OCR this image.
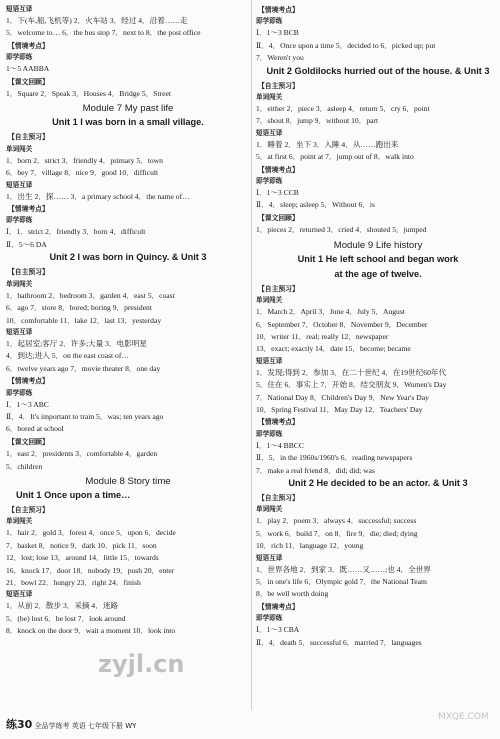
短语互译
1．下(车,船,飞机等) 2．火车站 3．经过 4．沿着……走
5．welcome to… 6．the bus stop 7．next to 8．the post office
【情境考点】
即学即练
1～5 AABBA
【课文回顾】
1．Square 2．Speak 3．Houses 4．Bridge 5．Street
Module 7 My past life
Unit 1 I was born in a small village.
【自主预习】
单词闯关
1．born 2．strict 3．friendly 4．primary 5．town
6．bey 7．village 8．nice 9．good 10．difficult
短语互译
1．出生 2．探…… 3．a primary school 4．the name of…
【情境考点】
即学即练
Ⅰ．1．strict 2．friendly 3．born 4．difficult
Ⅱ．5～6 DA
Unit 2 I was born in Quincy. & Unit 3
【自主预习】
单词闯关
1．bathroom 2．bedroom 3．garden 4．east 5．coast
6．ago 7．store 8．bored; boring 9．president
10．comfortable 11．lake 12．last 13．yesterday
短语互译
1．起居室;客厅 2．许多;大量 3．电影明星
4．到达;进入 5．on the east coast of…
6．twelve years ago 7．movie theater 8．one day
【情境考点】
即学即练
Ⅰ．1～3 ABC
Ⅱ．4．It's important to train 5．was; ten years ago
6．bored at school
【课文回顾】
1．east 2．presidents 3．comfortable 4．garden
5．children
Module 8 Story time
Unit 1 Once upon a time…
【自主预习】
单词闯关
1．hair 2．gold 3．forest 4．once 5．upon 6．decide
7．basket 8．notice 9．dark 10．pick 11．soon
12．lost; lose 13．around 14．little 15．towards
16．knock 17．door 18．nobody 19．push 20．enter
21．bowl 22．hungry 23．right 24．finish
短语互译
1．从前 2．散步 3．采摘 4．迷路
5．(be) lost 6．be lost 7．look around
8．knock on the door 9．wait a moment 10．look into
【情境考点】
即学即练
Ⅰ．1～3 BCB
Ⅱ．4．Once upon a time 5．decided to 6．picked up; put
7．Weren't you
Unit 2 Goldilocks hurried out of the house. & Unit 3
【自主预习】
单词闯关
1．either 2．piece 3．asleep 4．return 5．cry 6．point
7．shout 8．jump 9．without 10．part
短语互译
1．睡着 2．坐下 3．入睡 4．从……跑出来
5．at first 6．point at 7．jump out of 8．walk into
【情境考点】
即学即练
Ⅰ．1～3 CCB
Ⅱ．4．sleep; asleep 5．Without 6．is
【课文回顾】
1．pieces 2．returned 3．cried 4．shouted 5．jumped
Module 9 Life history
Unit 1 He left school and began work
at the age of twelve.
【自主预习】
单词闯关
1．March 2．April 3．June 4．July 5．August
6．September 7．October 8．November 9．December
10．writer 11．real; really 12．newspaper
13．exact; exactly 14．date 15．become; became
短语互译
1．发现;得到 2．参加 3．在二十世纪 4．在19世纪60年代
5．住在 6．事实上 7．开始 8．结交朋友 9．Women's Day
7．National Day 8．Children's Day 9．New Year's Day
10．Spring Festival 11．May Day 12．Teachers' Day
【情境考点】
即学即练
Ⅰ．1～4 BBCC
Ⅱ．5．in the 1960s/1960's 6．reading newspapers
7．make a real friend 8．did; did; was
Unit 2 He decided to be an actor. & Unit 3
【自主预习】
单词闯关
1．play 2．poem 3．always 4．successful; success
5．work 6．build 7．on 8．fire 9．die; died; dying
10．rich 11．language 12．young
短语互译
1．世界各地 2．到家 3．既……又……;也 4．全世界
5．in one's life 6．Olympic gold 7．the National Team
8．be well worth doing
【情境考点】
即学即练
Ⅰ．1～3 CBA
Ⅱ．4．death 5．successful 6．married 7．languages
练30 全品学练考 英语 七年级下册 WY
zyjl.cn
MXQE.COM
